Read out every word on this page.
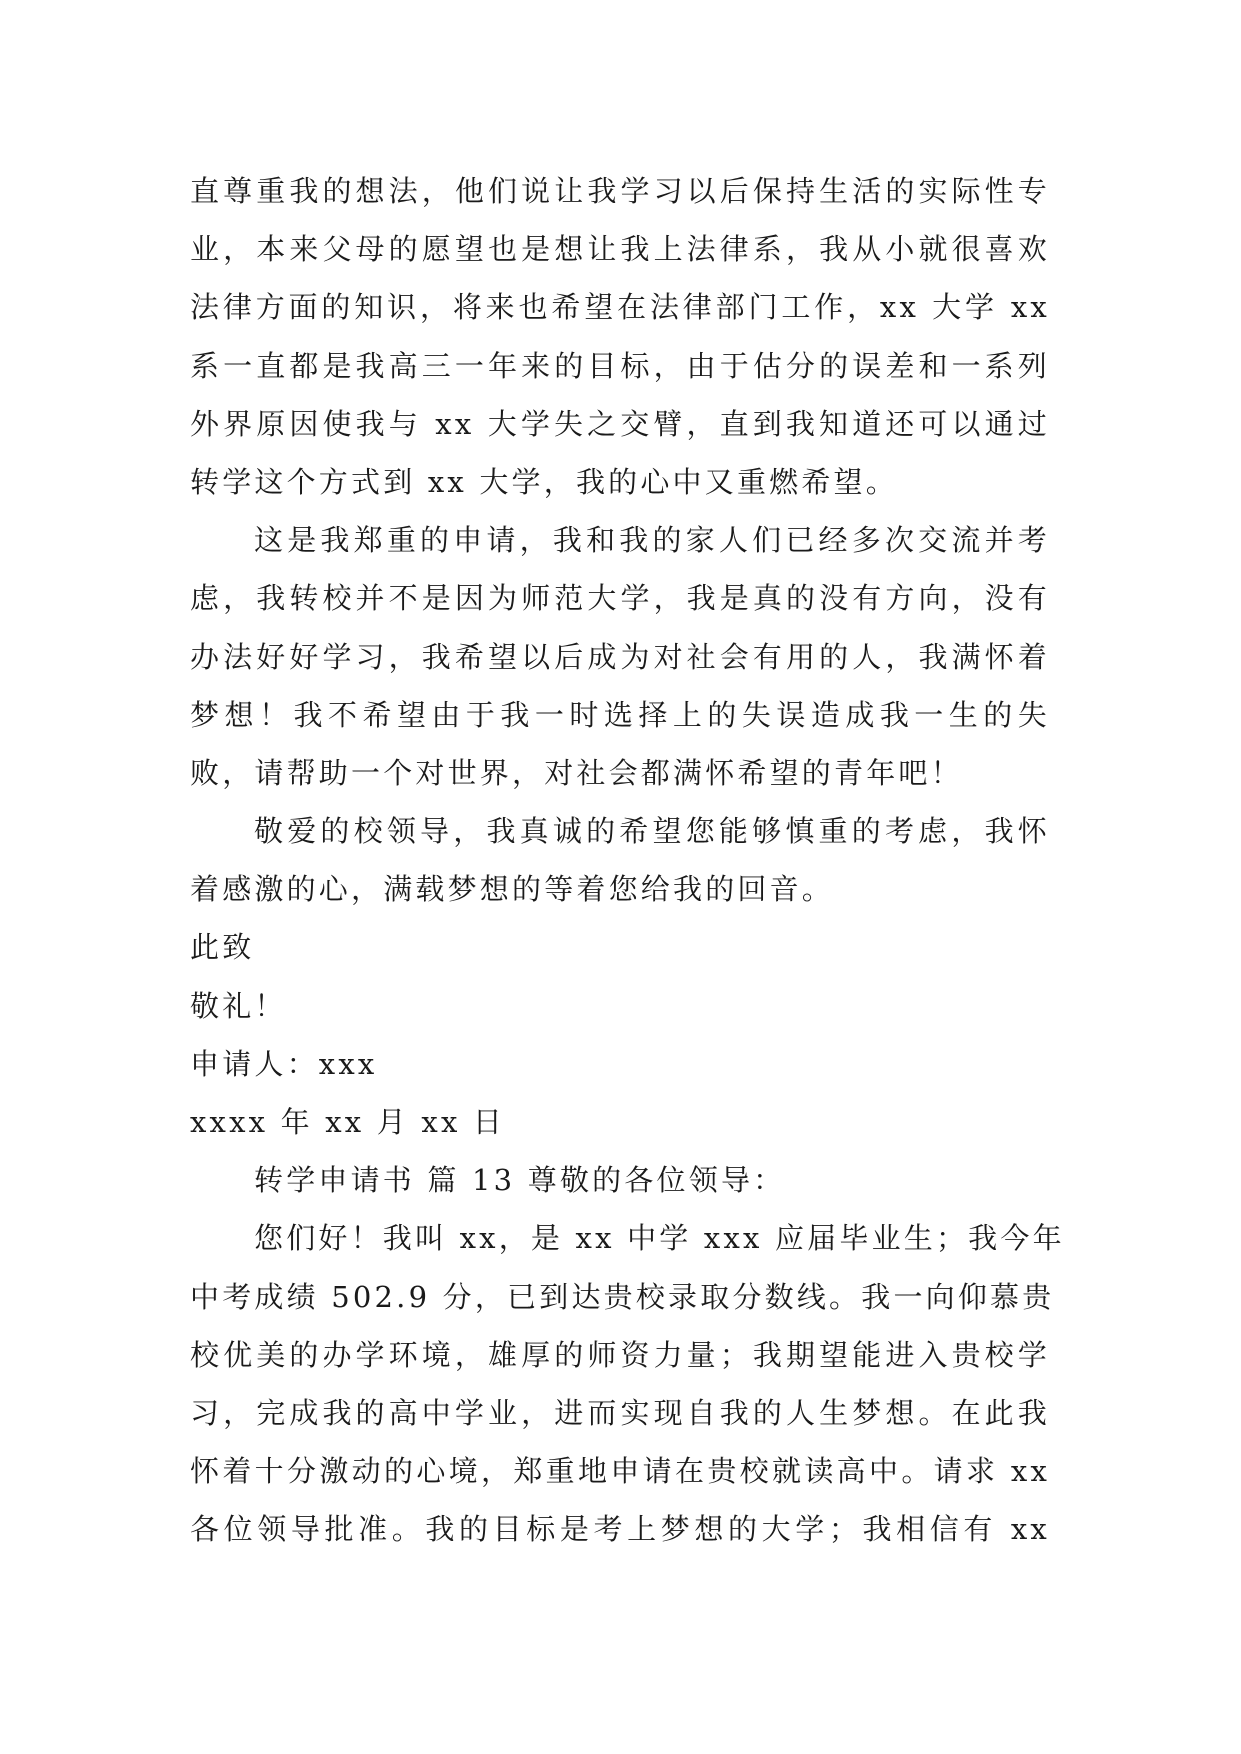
直尊重我的想法，他们说让我学习以后保持生活的实际性专
业，本来父母的愿望也是想让我上法律系，我从小就很喜欢
法律方面的知识，将来也希望在法律部门工作，xx 大学 xx
系一直都是我高三一年来的目标，由于估分的误差和一系列
外界原因使我与 xx 大学失之交臂，直到我知道还可以通过
转学这个方式到 xx 大学，我的心中又重燃希望。
这是我郑重的申请，我和我的家人们已经多次交流并考
虑，我转校并不是因为师范大学，我是真的没有方向，没有
办法好好学习，我希望以后成为对社会有用的人，我满怀着
梦想！我不希望由于我一时选择上的失误造成我一生的失
败，请帮助一个对世界，对社会都满怀希望的青年吧！
敬爱的校领导，我真诚的希望您能够慎重的考虑，我怀
着感激的心，满载梦想的等着您给我的回音。
此致
敬礼！
申请人：xxx
xxxx 年 xx 月 xx 日
转学申请书 篇 13 尊敬的各位领导：
您们好！我叫 xx，是 xx 中学 xxx 应届毕业生；我今年
中考成绩 502.9 分，已到达贵校录取分数线。我一向仰慕贵
校优美的办学环境，雄厚的师资力量；我期望能进入贵校学
习，完成我的高中学业，进而实现自我的人生梦想。在此我
怀着十分激动的心境，郑重地申请在贵校就读高中。请求 xx
各位领导批准。我的目标是考上梦想的大学；我相信有 xx
